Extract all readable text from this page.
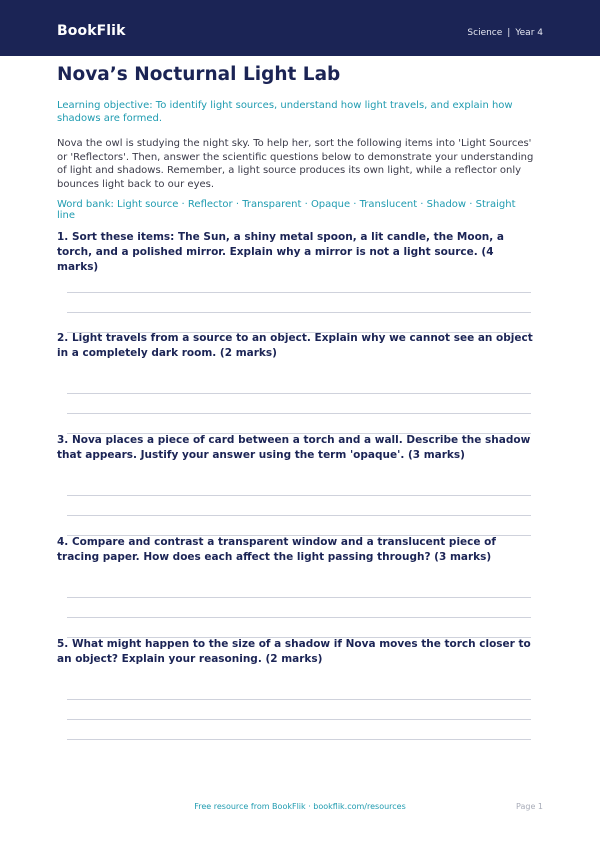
BookFlik	Science | Year 4
Nova’s Nocturnal Light Lab
Learning objective: To identify light sources, understand how light travels, and explain how shadows are formed.
Nova the owl is studying the night sky. To help her, sort the following items into 'Light Sources' or 'Reflectors'. Then, answer the scientific questions below to demonstrate your understanding of light and shadows. Remember, a light source produces its own light, while a reflector only bounces light back to our eyes.
Word bank: Light source · Reflector · Transparent · Opaque · Translucent · Shadow · Straight line
1. Sort these items: The Sun, a shiny metal spoon, a lit candle, the Moon, a torch, and a polished mirror. Explain why a mirror is not a light source. (4 marks)
2. Light travels from a source to an object. Explain why we cannot see an object in a completely dark room. (2 marks)
3. Nova places a piece of card between a torch and a wall. Describe the shadow that appears. Justify your answer using the term 'opaque'. (3 marks)
4. Compare and contrast a transparent window and a translucent piece of tracing paper. How does each affect the light passing through? (3 marks)
5. What might happen to the size of a shadow if Nova moves the torch closer to an object? Explain your reasoning. (2 marks)
Free resource from BookFlik · bookflik.com/resources	Page 1
